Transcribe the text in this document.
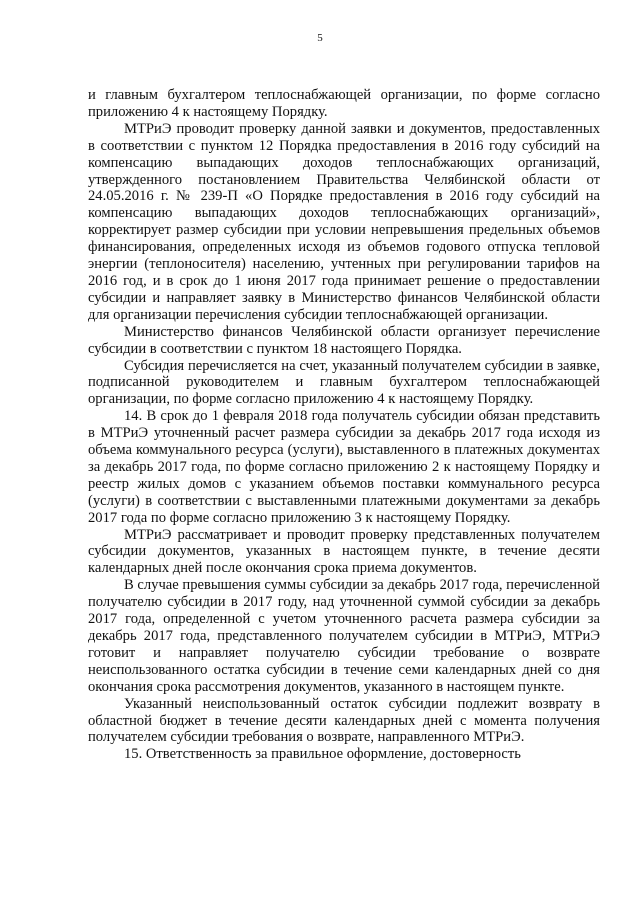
5

и главным бухгалтером теплоснабжающей организации, по форме согласно приложению 4 к настоящему Порядку.

МТРиЭ проводит проверку данной заявки и документов, предоставленных в соответствии с пунктом 12 Порядка предоставления в 2016 году субсидий на компенсацию выпадающих доходов теплоснабжающих организаций, утвержденного постановлением Правительства Челябинской области от 24.05.2016 г. № 239-П «О Порядке предоставления в 2016 году субсидий на компенсацию выпадающих доходов теплоснабжающих организаций», корректирует размер субсидии при условии непревышения предельных объемов финансирования, определенных исходя из объемов годового отпуска тепловой энергии (теплоносителя) населению, учтенных при регулировании тарифов на 2016 год, и в срок до 1 июня 2017 года принимает решение о предоставлении субсидии и направляет заявку в Министерство финансов Челябинской области для организации перечисления субсидии теплоснабжающей организации.

Министерство финансов Челябинской области организует перечисление субсидии в соответствии с пунктом 18 настоящего Порядка.

Субсидия перечисляется на счет, указанный получателем субсидии в заявке, подписанной руководителем и главным бухгалтером теплоснабжающей организации, по форме согласно приложению 4 к настоящему Порядку.

14. В срок до 1 февраля 2018 года получатель субсидии обязан представить в МТРиЭ уточненный расчет размера субсидии за декабрь 2017 года исходя из объема коммунального ресурса (услуги), выставленного в платежных документах за декабрь 2017 года, по форме согласно приложению 2 к настоящему Порядку и реестр жилых домов с указанием объемов поставки коммунального ресурса (услуги) в соответствии с выставленными платежными документами за декабрь 2017 года по форме согласно приложению 3 к настоящему Порядку.

МТРиЭ рассматривает и проводит проверку представленных получателем субсидии документов, указанных в настоящем пункте, в течение десяти календарных дней после окончания срока приема документов.

В случае превышения суммы субсидии за декабрь 2017 года, перечисленной получателю субсидии в 2017 году, над уточненной суммой субсидии за декабрь 2017 года, определенной с учетом уточненного расчета размера субсидии за декабрь 2017 года, представленного получателем субсидии в МТРиЭ, МТРиЭ готовит и направляет получателю субсидии требование о возврате неиспользованного остатка субсидии в течение семи календарных дней со дня окончания срока рассмотрения документов, указанного в настоящем пункте.

Указанный неиспользованный остаток субсидии подлежит возврату в областной бюджет в течение десяти календарных дней с момента получения получателем субсидии требования о возврате, направленного МТРиЭ.

15. Ответственность за правильное оформление, достоверность
